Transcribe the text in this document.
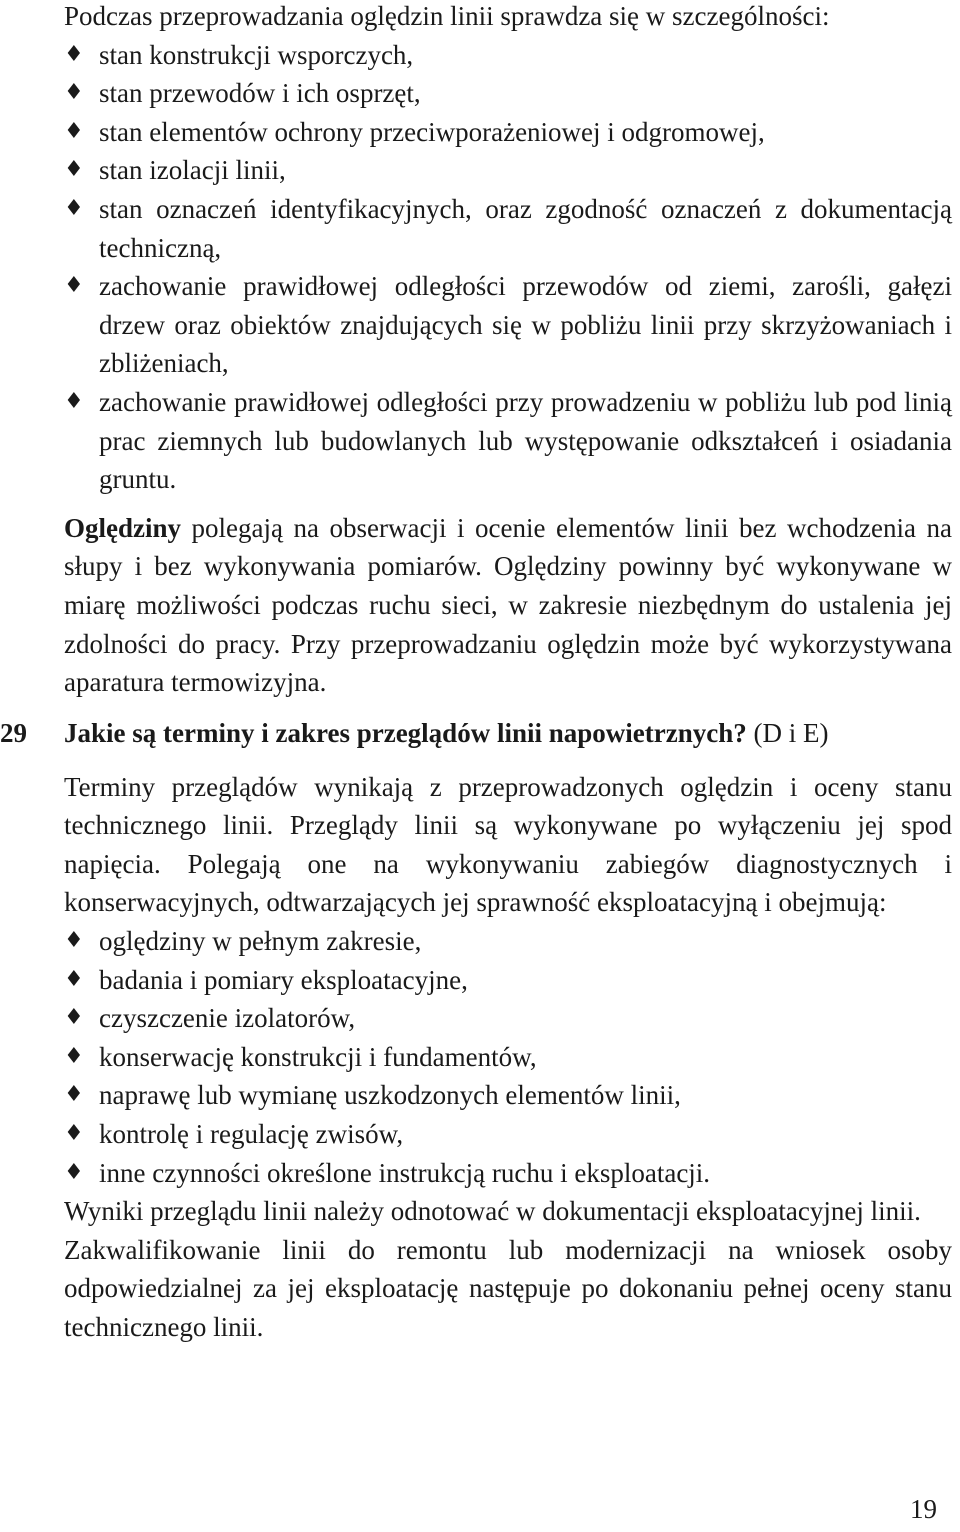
Podczas przeprowadzania oględzin linii sprawdza się w szczególności:

♦ stan konstrukcji wsporczych,
♦ stan przewodów i ich osprzęt,
♦ stan elementów ochrony przeciwporażeniowej i odgromowej,
♦ stan izolacji linii,
♦ stan oznaczeń identyfikacyjnych, oraz zgodność oznaczeń z dokumentacją techniczną,
♦ zachowanie prawidłowej odległości przewodów od ziemi, zarośli, gałęzi drzew oraz obiektów znajdujących się w pobliżu linii przy skrzyżowaniach i zbliżeniach,
♦ zachowanie prawidłowej odległości przy prowadzeniu w pobliżu lub pod linią prac ziemnych lub budowlanych lub występowanie odkształceń i osiadania gruntu.

Oględziny polegają na obserwacji i ocenie elementów linii bez wchodzenia na słupy i bez wykonywania pomiarów. Oględziny powinny być wykonywane w miarę możliwości podczas ruchu sieci, w zakresie niezbędnym do ustalenia jej zdolności do pracy. Przy przeprowadzaniu oględzin może być wykorzystywana aparatura termowizyjna.

29	Jakie są terminy i zakres przeglądów linii napowietrznych? (D i E)

Terminy przeglądów wynikają z przeprowadzonych oględzin i oceny stanu technicznego linii. Przeglądy linii są wykonywane po wyłączeniu jej spod napięcia. Polegają one na wykonywaniu zabiegów diagnostycznych i konserwacyjnych, odtwarzających jej sprawność eksploatacyjną i obejmują:

♦ oględziny w pełnym zakresie,
♦ badania i pomiary eksploatacyjne,
♦ czyszczenie izolatorów,
♦ konserwację konstrukcji i fundamentów,
♦ naprawę lub wymianę uszkodzonych elementów linii,
♦ kontrolę i regulację zwisów,
♦ inne czynności określone instrukcją ruchu i eksploatacji.

Wyniki przeglądu linii należy odnotować w dokumentacji eksploatacyjnej linii.

Zakwalifikowanie linii do remontu lub modernizacji na wniosek osoby odpowiedzialnej za jej eksploatację następuje po dokonaniu pełnej oceny stanu technicznego linii.

19
